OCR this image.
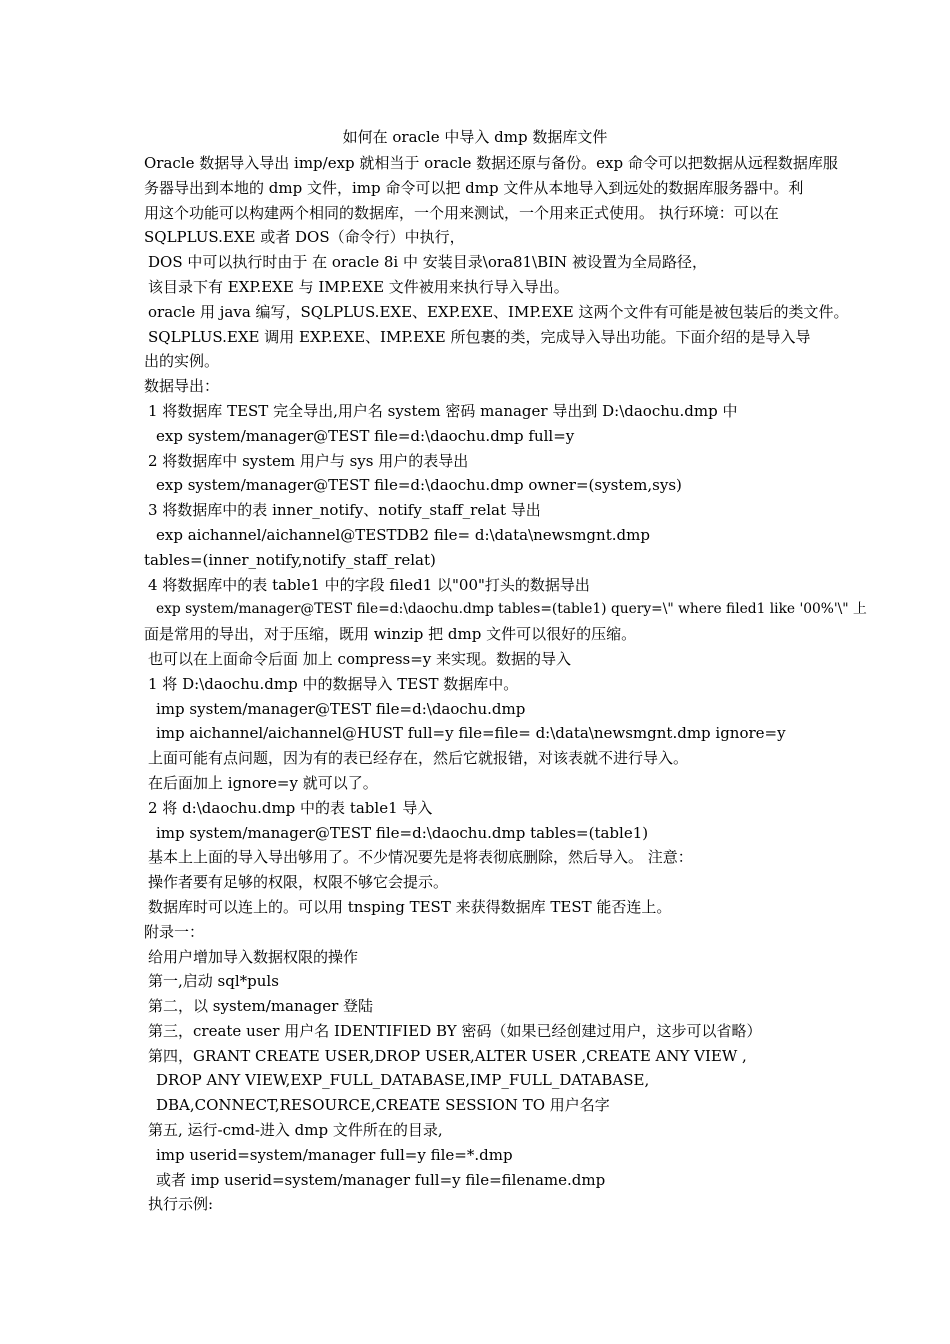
如何在 oracle 中导入 dmp 数据库文件
Oracle 数据导入导出 imp/exp 就相当于 oracle 数据还原与备份。exp 命令可以把数据从远程数据库服
务器导出到本地的 dmp 文件，imp 命令可以把 dmp 文件从本地导入到远处的数据库服务器中。利
用这个功能可以构建两个相同的数据库，一个用来测试，一个用来正式使用。 执行环境：可以在
SQLPLUS.EXE 或者 DOS（命令行）中执行，
DOS 中可以执行时由于 在 oracle 8i 中 安装目录\ora81\BIN 被设置为全局路径，
该目录下有 EXP.EXE 与 IMP.EXE 文件被用来执行导入导出。
oracle 用 java 编写，SQLPLUS.EXE、EXP.EXE、IMP.EXE 这两个文件有可能是被包装后的类文件。
SQLPLUS.EXE 调用 EXP.EXE、IMP.EXE 所包裹的类，完成导入导出功能。下面介绍的是导入导
出的实例。
数据导出：
1 将数据库 TEST 完全导出,用户名 system 密码 manager 导出到 D:\daochu.dmp 中
exp system/manager@TEST file=d:\daochu.dmp full=y
2 将数据库中 system 用户与 sys 用户的表导出
exp system/manager@TEST file=d:\daochu.dmp owner=(system,sys)
3 将数据库中的表 inner_notify、notify_staff_relat 导出
exp aichannel/aichannel@TESTDB2 file= d:\data\newsmgnt.dmp
tables=(inner_notify,notify_staff_relat)
4 将数据库中的表 table1 中的字段 filed1 以"00"打头的数据导出
exp system/manager@TEST file=d:\daochu.dmp tables=(table1) query=\" where filed1 like '00%'\" 上
面是常用的导出，对于压缩，既用 winzip 把 dmp 文件可以很好的压缩。
也可以在上面命令后面 加上 compress=y 来实现。数据的导入
1 将 D:\daochu.dmp 中的数据导入 TEST 数据库中。
imp system/manager@TEST file=d:\daochu.dmp
imp aichannel/aichannel@HUST full=y file=file= d:\data\newsmgnt.dmp ignore=y
上面可能有点问题，因为有的表已经存在，然后它就报错，对该表就不进行导入。
在后面加上 ignore=y 就可以了。
2 将 d:\daochu.dmp 中的表 table1 导入
imp system/manager@TEST file=d:\daochu.dmp tables=(table1)
基本上上面的导入导出够用了。不少情况要先是将表彻底删除，然后导入。 注意：
操作者要有足够的权限，权限不够它会提示。
数据库时可以连上的。可以用 tnsping TEST 来获得数据库 TEST 能否连上。
附录一：
给用户增加导入数据权限的操作
第一,启动 sql*puls
第二，以 system/manager 登陆
第三，create user 用户名 IDENTIFIED BY 密码（如果已经创建过用户，这步可以省略）
第四，GRANT CREATE USER,DROP USER,ALTER USER ,CREATE ANY VIEW ,
DROP ANY VIEW,EXP_FULL_DATABASE,IMP_FULL_DATABASE,
DBA,CONNECT,RESOURCE,CREATE SESSION TO 用户名字
第五, 运行-cmd-进入 dmp 文件所在的目录,
imp userid=system/manager full=y file=*.dmp
或者 imp userid=system/manager full=y file=filename.dmp
执行示例:
